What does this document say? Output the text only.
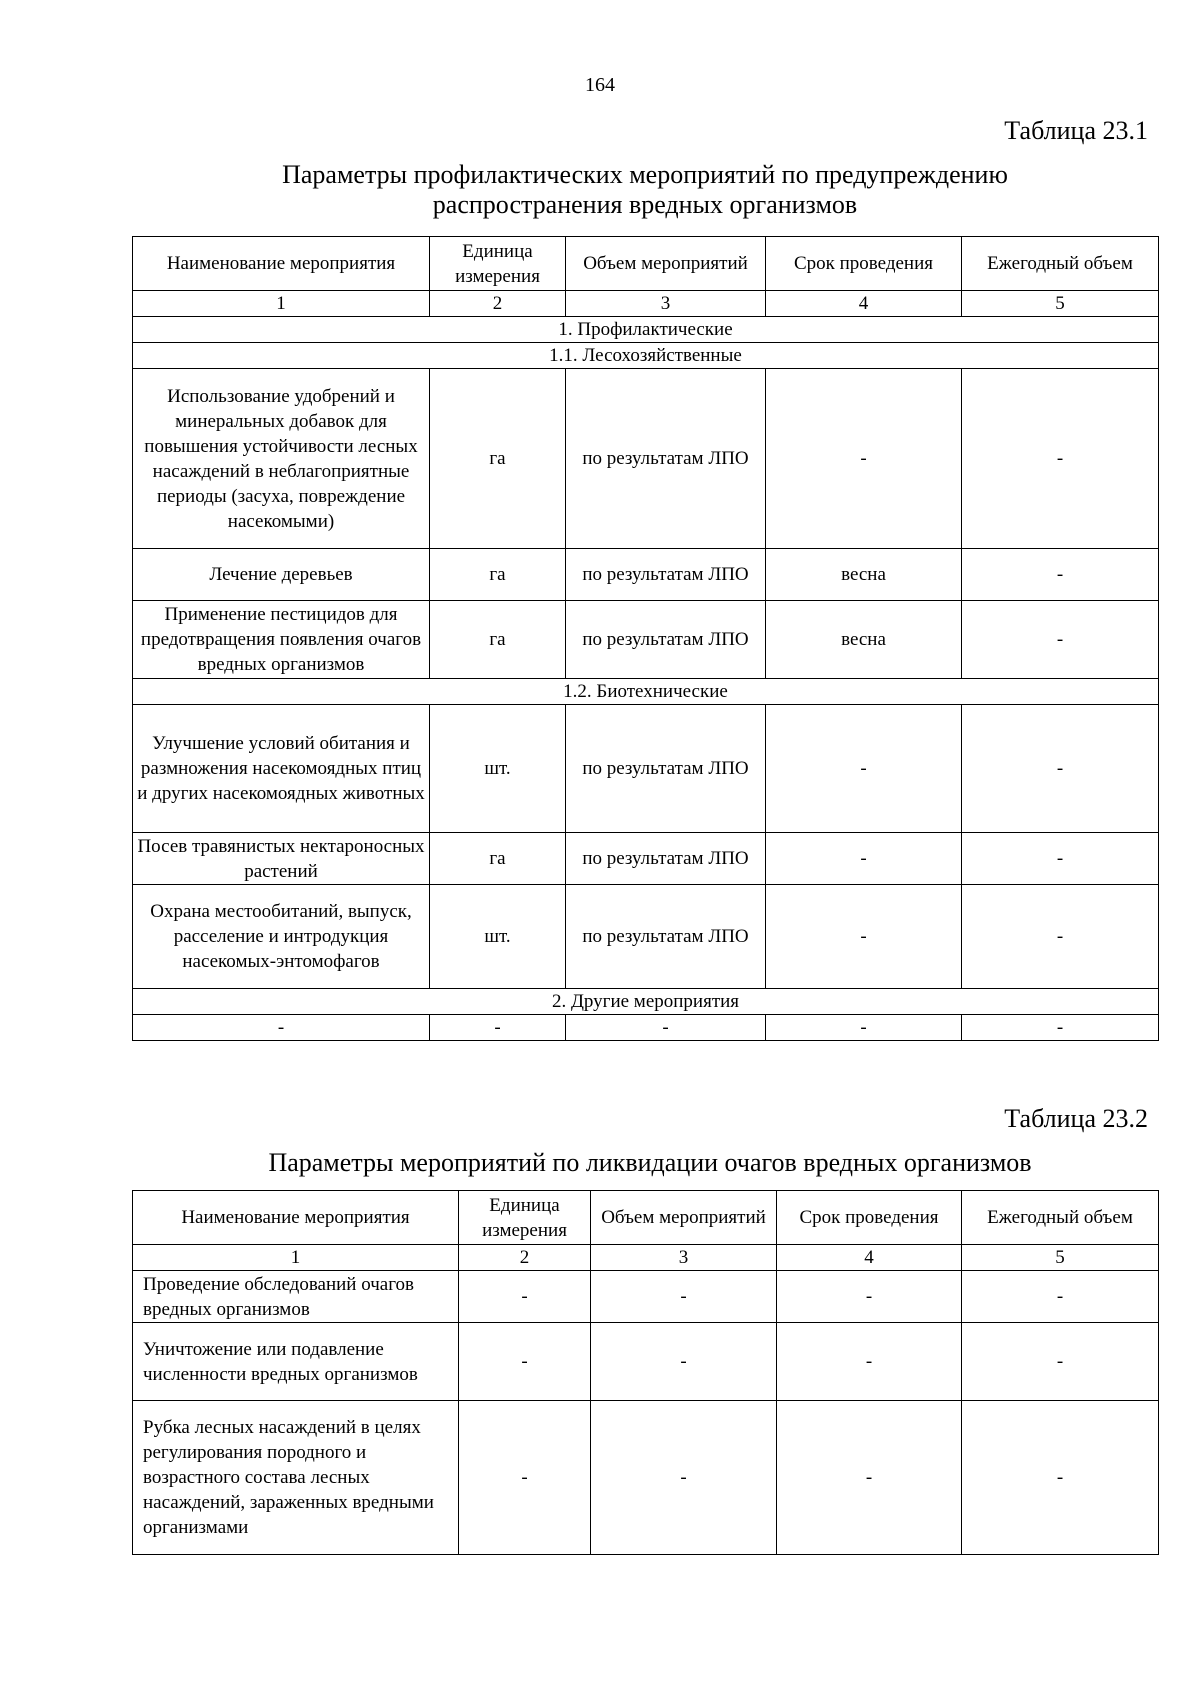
164
Таблица 23.1
Параметры профилактических мероприятий по предупреждению
распространения вредных организмов
Наименование мероприятия	Единица измерения	Объем мероприятий	Срок проведения	Ежегодный объем
1	2	3	4	5
1. Профилактические				
1.1. Лесохозяйственные				
Использование удобрений и минеральных добавок для повышения устойчивости лесных насаждений в неблагоприятные периоды (засуха, повреждение насекомыми)	га	по результатам ЛПО	-	-
Лечение деревьев	га	по результатам ЛПО	весна	-
Применение пестицидов для предотвращения появления очагов вредных организмов	га	по результатам ЛПО	весна	-
1.2. Биотехнические				
Улучшение условий обитания и размножения насекомоядных птиц и других насекомоядных животных	шт.	по результатам ЛПО	-	-
Посев травянистых нектароносных растений	га	по результатам ЛПО	-	-
Охрана местообитаний, выпуск, расселение и интродукция насекомых-энтомофагов	шт.	по результатам ЛПО	-	-
2. Другие мероприятия				
-	-	-	-	-
Таблица 23.2
Параметры мероприятий по ликвидации очагов вредных организмов
Наименование мероприятия	Единица измерения	Объем мероприятий	Срок проведения	Ежегодный объем
1	2	3	4	5
Проведение обследований очагов вредных организмов	-	-	-	-
Уничтожение или подавление численности вредных организмов	-	-	-	-
Рубка лесных насаждений в целях регулирования породного и возрастного состава лесных насаждений, зараженных вредными организмами	-	-	-	-
